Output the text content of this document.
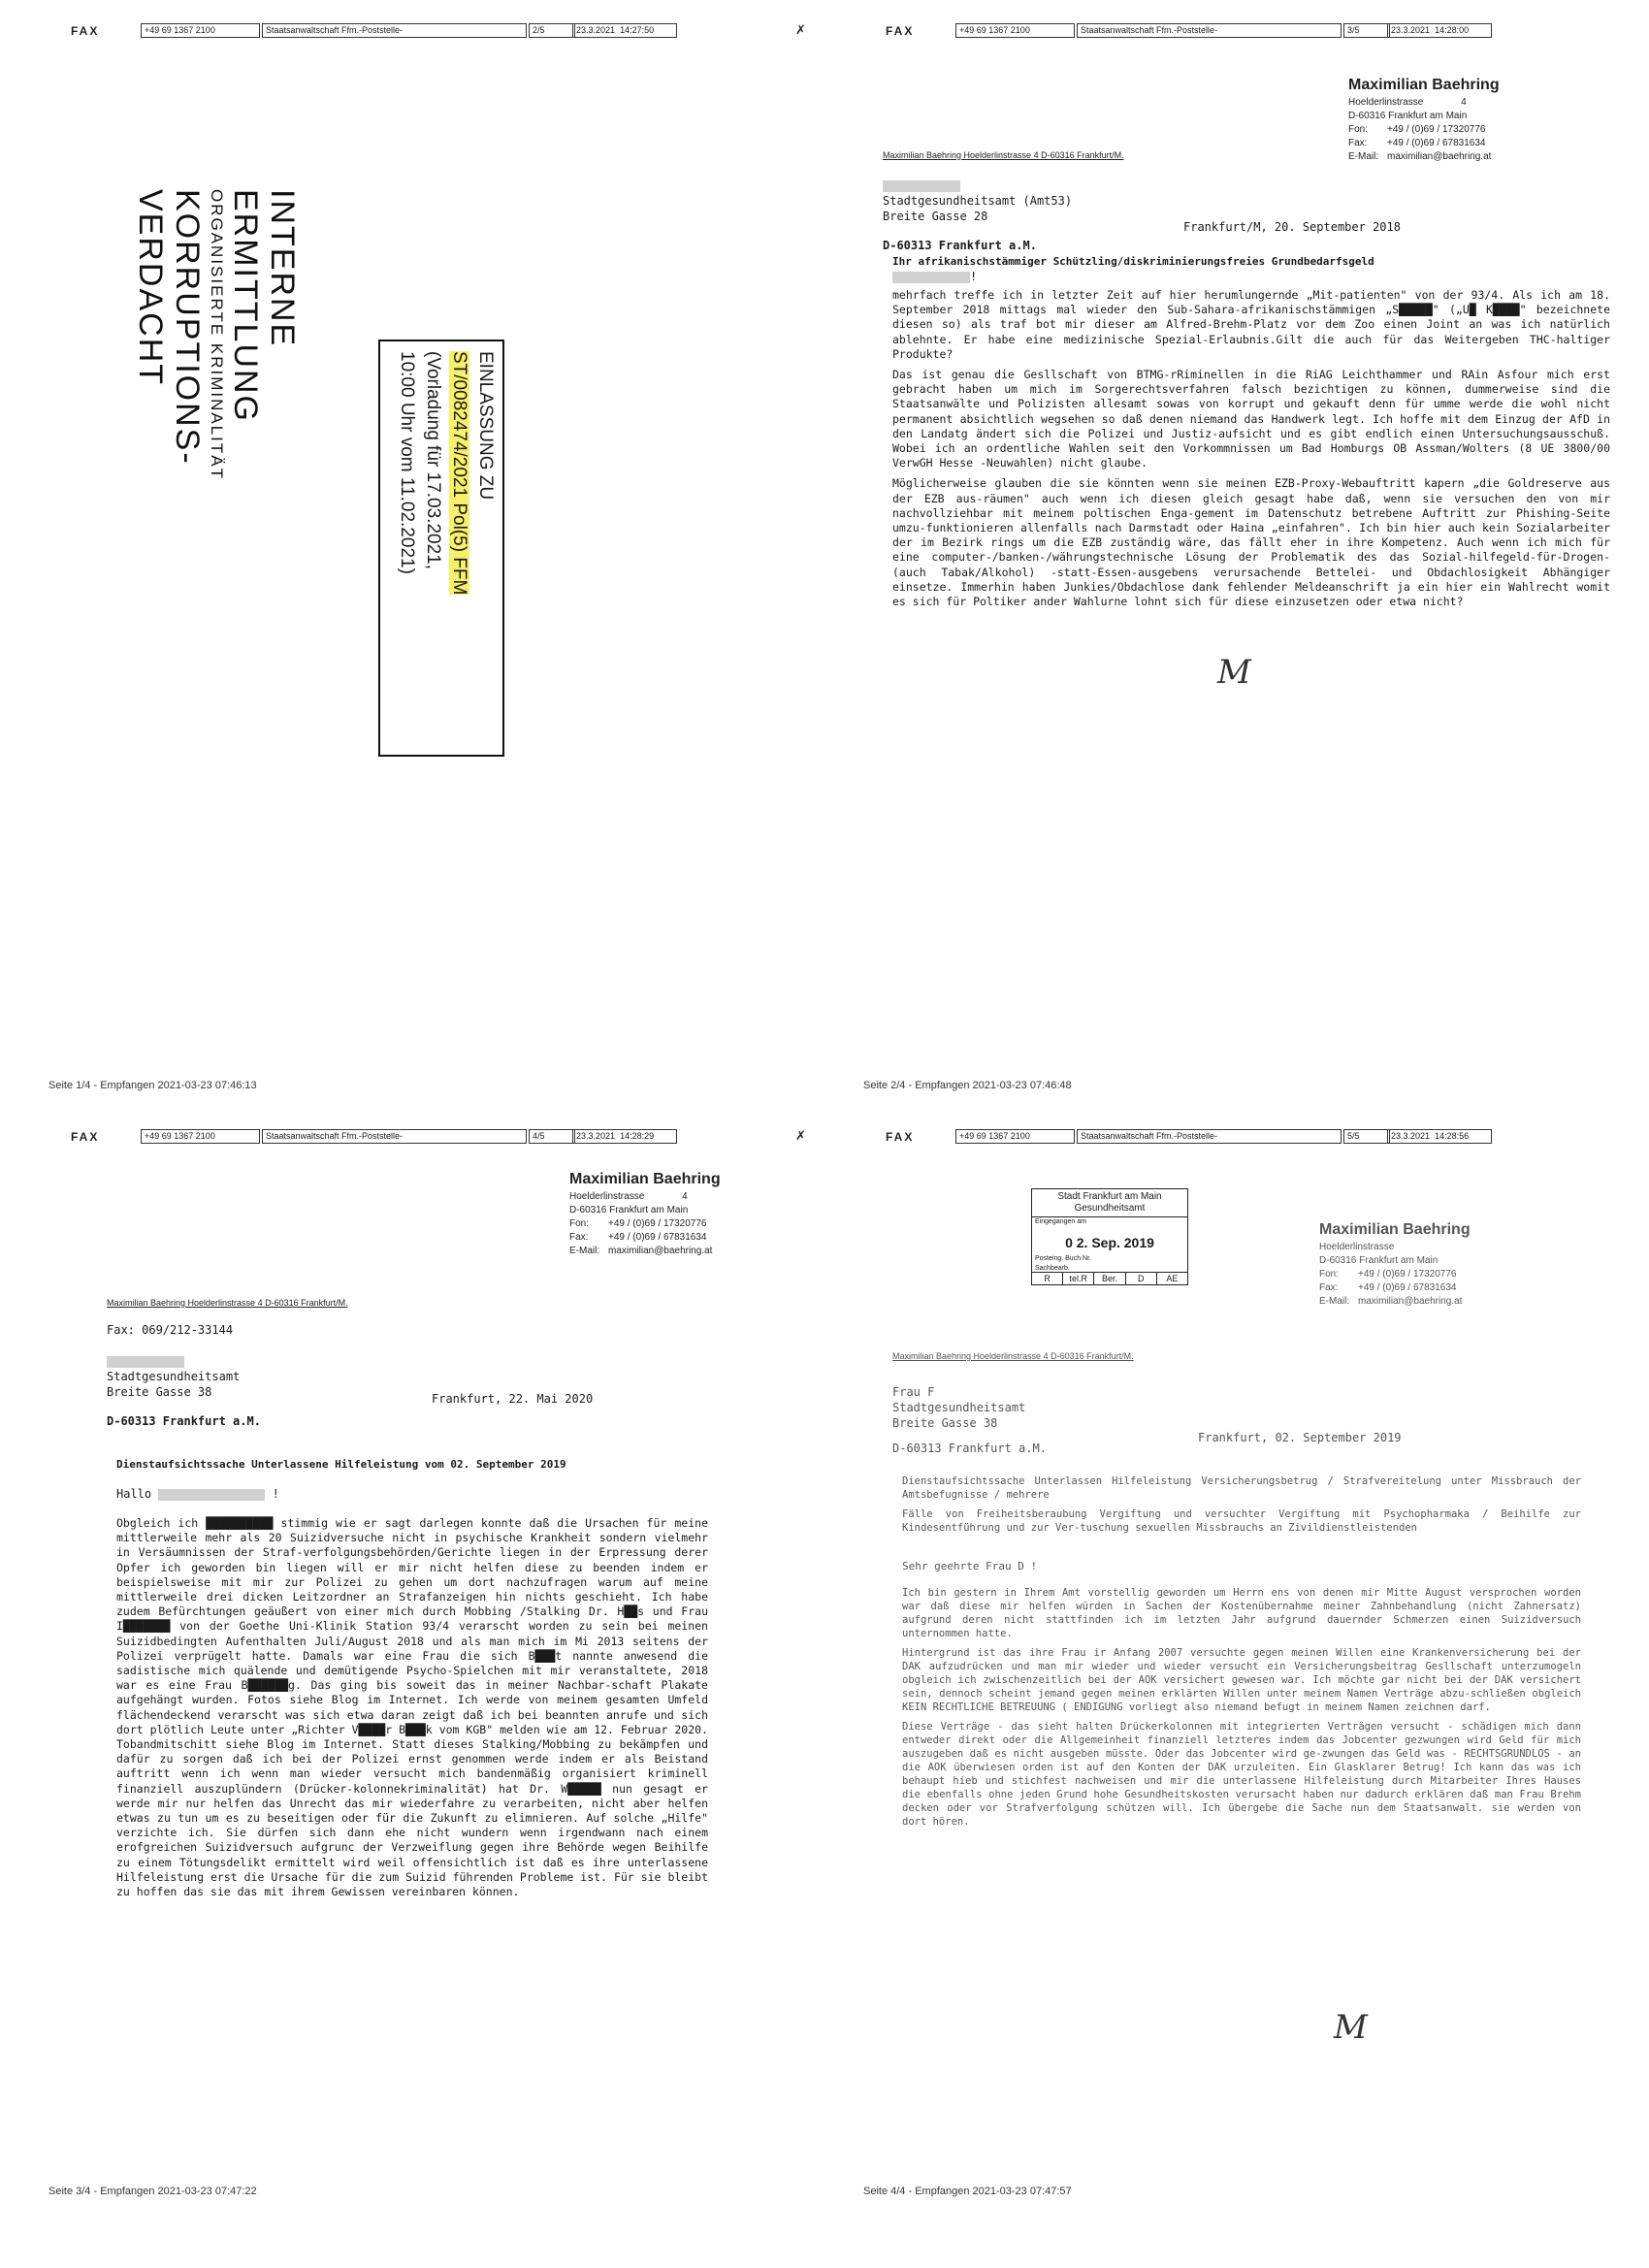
FAX	+49 69 1367 2100	Staatsanwaltschaft Ffm.-Poststelle-	2/5	23.3.2021 14:27:50	✗
INTERNE
ERMITTLUNG
ORGANISIERTE KRIMINALITÄT
KORRUPTIONS-
VERDACHT
EINLASSUNG ZU
ST/0082474/2021 Pol(5) FFM
(Vorladung für 17.03.2021,
10:00 Uhr vom 11.02.2021)
Seite 1/4 - Empfangen 2021-03-23 07:46:13
FAX	+49 69 1367 2100	Staatsanwaltschaft Ffm.-Poststelle-	3/5	23.3.2021 14:28:00
Maximilian Baehring
Hoelderlinstrasse	4
D-60316 Frankfurt am Main
Fon:	+49 / (0)69 / 17320776
Fax:	+49 / (0)69 / 67831634
E-Mail: maximilian@baehring.at
Maximilian Baehring Hoelderlinstrasse 4 D-60316 Frankfurt/M.
Stadtgesundheitsamt (Amt53)
Breite Gasse 28
D-60313 Frankfurt a.M.
Frankfurt/M, 20. September 2018
Ihr afrikanischstämmiger Schützling/diskriminierungsfreies Grundbedarfsgeld
!

mehrfach treffe ich in letzter Zeit auf hier herumlungernde „Mit-patienten" von der 93/4. Als ich am 18. September 2018 mittags mal wieder den Sub-Sahara-afrikanischstämmigen „S█████" („U█ K████" bezeichnete diesen so) als traf bot mir dieser am Alfred-Brehm-Platz vor dem Zoo einen Joint an was ich natürlich ablehnte. Er habe eine medizinische Spezial-Erlaubnis.Gilt die auch für das Weitergeben THC-haltiger Produkte?

Das ist genau die Gesllschaft von BTMG-rRiminellen in die RiAG Leichthammer und RAin Asfour mich erst gebracht haben um mich im Sorgerechtsverfahren falsch bezichtigen zu können, dummerweise sind die Staatsanwälte und Polizisten allesamt sowas von korrupt und gekauft denn für umme werde die wohl nicht permanent absichtlich wegsehen so daß denen niemand das Handwerk legt. Ich hoffe mit dem Einzug der AfD in den Landatg ändert sich die Polizei und Justiz-aufsicht und es gibt endlich einen Untersuchungsausschuß. Wobei ich an ordentliche Wahlen seit den Vorkommnissen um Bad Homburgs OB Assman/Wolters (8 UE 3800/00 VerwGH Hesse -Neuwahlen) nicht glaube.

Möglicherweise glauben die sie könnten wenn sie meinen EZB-Proxy-Webauftritt kapern „die Goldreserve aus der EZB aus-räumen" auch wenn ich diesen gleich gesagt habe daß, wenn sie versuchen den von mir nachvollziehbar mit meinem poltischen Enga-gement im Datenschutz betrebene Auftritt zur Phishing-Seite umzu-funktionieren allenfalls nach Darmstadt oder Haina „einfahren". Ich bin hier auch kein Sozialarbeiter der im Bezirk rings um die EZB zuständig wäre, das fällt eher in ihre Kompetenz. Auch wenn ich mich für eine computer-/banken-/währungstechnische Lösung der Problematik des das Sozial-hilfegeld-für-Drogen- (auch Tabak/Alkohol) -statt-Essen-ausgebens verursachende Bettelei- und Obdachlosigkeit Abhängiger einsetze. Immerhin haben Junkies/Obdachlose dank fehlender Meldeanschrift ja ein hier ein Wahlrecht womit es sich für Poltiker ander Wahlurne lohnt sich für diese einzusetzen oder etwa nicht?

M
Seite 2/4 - Empfangen 2021-03-23 07:46:48
FAX	+49 69 1367 2100	Staatsanwaltschaft Ffm.-Poststelle-	4/5	23.3.2021 14:28:29	✗
Maximilian Baehring
Hoelderlinstrasse	4
D-60316 Frankfurt am Main
Fon:	+49 / (0)69 / 17320776
Fax:	+49 / (0)69 / 67831634
E-Mail: maximilian@baehring.at
Maximilian Baehring Hoelderlinstrasse 4 D-60316 Frankfurt/M.
Fax: 069/212-33144
Stadtgesundheitsamt
Breite Gasse 38
D-60313 Frankfurt a.M.
Frankfurt, 22. Mai 2020
Dienstaufsichtssache Unterlassene Hilfeleistung vom 02. September 2019
Hallo	!

Obgleich ich ██████████ stimmig wie er sagt darlegen konnte daß die Ursachen für meine mittlerweile mehr als 20 Suizidversuche nicht in psychische Krankheit sondern vielmehr in Versäumnissen der Straf-verfolgungsbehörden/Gerichte liegen in der Erpressung derer Opfer ich geworden bin liegen will er mir nicht helfen diese zu beenden indem er beispielsweise mit mir zur Polizei zu gehen um dort nachzufragen warum auf meine mittlerweile drei dicken Leitzordner an Strafanzeigen hin nichts geschieht. Ich habe zudem Befürchtungen geäußert von einer mich durch Mobbing /Stalking Dr. H██s und Frau I███████ von der Goethe Uni-Klinik Station 93/4 verarscht worden zu sein bei meinen Suizidbedingten Aufenthalten Juli/August 2018 und als man mich im Mi 2013 seitens der Polizei verprügelt hatte. Damals war eine Frau die sich B███t nannte anwesend die sadistische mich quälende und demütigende Psycho-Spielchen mit mir veranstaltete, 2018 war es eine Frau B██████g. Das ging bis soweit das in meiner Nachbar-schaft Plakate aufgehängt wurden. Fotos siehe Blog im Internet. Ich werde von meinem gesamten Umfeld flächendeckend verarscht was sich etwa daran zeigt daß ich bei beannten anrufe und sich dort plötlich Leute unter „Richter V████r B███k vom KGB" melden wie am 12. Februar 2020. Tobandmitschitt siehe Blog im Internet. Statt dieses Stalking/Mobbing zu bekämpfen und dafür zu sorgen daß ich bei der Polizei ernst genommen werde indem er als Beistand auftritt wenn ich wenn man wieder versucht mich bandenmäßig organisiert kriminell finanziell auszuplündern (Drücker-kolonnekriminalität) hat Dr. W█████ nun gesagt er werde mir nur helfen das Unrecht das mir wiederfahre zu verarbeiten, nicht aber helfen etwas zu tun um es zu beseitigen oder für die Zukunft zu elimnieren. Auf solche „Hilfe" verzichte ich. Sie dürfen sich dann ehe nicht wundern wenn irgendwann nach einem erofgreichen Suizidversuch aufgrunc der Verzweiflung gegen ihre Behörde wegen Beihilfe zu einem Tötungsdelikt ermittelt wird weil offensichtlich ist daß es ihre unterlassene Hilfeleistung erst die Ursache für die zum Suizid führenden Probleme ist. Für sie bleibt zu hoffen das sie das mit ihrem Gewissen vereinbaren können.

Seite 3/4 - Empfangen 2021-03-23 07:47:22
FAX	+49 69 1367 2100	Staatsanwaltschaft Ffm.-Poststelle-	5/5	23.3.2021 14:28:56
Stadt Frankfurt am Main
Gesundheitsamt
Eingegangen am
0 2. Sep. 2019
Posteing. Buch Nr.
Sachbearb.
R	tel.R	Ber.	D	AE
Maximilian Baehring
Hoelderlinstrasse
D-60316 Frankfurt am Main
Fon:	+49 / (0)69 / 17320776
Fax:	+49 / (0)69 / 67831634
E-Mail: maximilian@baehring.at
Maximilian Baehring Hoelderlinstrasse 4 D-60316 Frankfurt/M.
Frau F
Stadtgesundheitsamt
Breite Gasse 38
D-60313 Frankfurt a.M.
Frankfurt, 02. September 2019

Dienstaufsichtssache Unterlassen Hilfeleistung Versicherungsbetrug / Strafvereitelung unter Missbrauch der Amtsbefugnisse / mehrere

Fälle von Freiheitsberaubung Vergiftung und versuchter Vergiftung mit Psychopharmaka / Beihilfe zur Kindesentführung und zur Ver-tuschung sexuellen Missbrauchs an Zivildienstleistenden

Sehr geehrte Frau D !

Ich bin gestern in Ihrem Amt vorstellig geworden um Herrn ens von denen mir Mitte August versprochen worden war daß diese mir helfen würden in Sachen der Kostenübernahme meiner Zahnbehandlung (nicht Zahnersatz) aufgrund deren nicht stattfinden ich im letzten Jahr aufgrund dauernder Schmerzen einen Suizidversuch unternommen hatte.

Hintergrund ist das ihre Frau ir Anfang 2007 versuchte gegen meinen Willen eine Krankenversicherung bei der DAK aufzudrücken und man mir wieder und wieder versucht ein Versicherungsbeitrag Gesllschaft unterzumogeln obgleich ich zwischenzeitlich bei der AOK versichert gewesen war. Ich möchte gar nicht bei der DAK versichert sein, dennoch scheint jemand gegen meinen erklärten Willen unter meinem Namen Verträge abzu-schließen obgleich KEIN RECHTLICHE BETREUUNG ( ENDIGUNG vorliegt also niemand befugt in meinem Namen zeichnen darf.

Diese Verträge - das sieht halten Drückerkolonnen mit integrierten Verträgen versucht - schädigen mich dann entweder direkt oder die Allgemeinheit finanziell letzteres indem das Jobcenter gezwungen wird Geld für mich auszugeben daß es nicht ausgeben müsste. Oder das Jobcenter wird ge-zwungen das Geld was - RECHTSGRUNDLOS - an die AOK überwiesen orden ist auf den Konten der DAK urzuleiten. Ein Glasklarer Betrug! Ich kann das was ich behaupt hieb und stichfest nachweisen und mir die unterlassene Hilfeleistung durch Mitarbeiter Ihres Hauses die ebenfalls ohne jeden Grund hohe Gesundheitskosten verursacht haben nur dadurch erklären daß man Frau Brehm decken oder vor Strafverfolgung schützen will. Ich übergebe die Sache nun dem Staatsanwalt. sie werden von dort hören.

M
Seite 4/4 - Empfangen 2021-03-23 07:47:57
